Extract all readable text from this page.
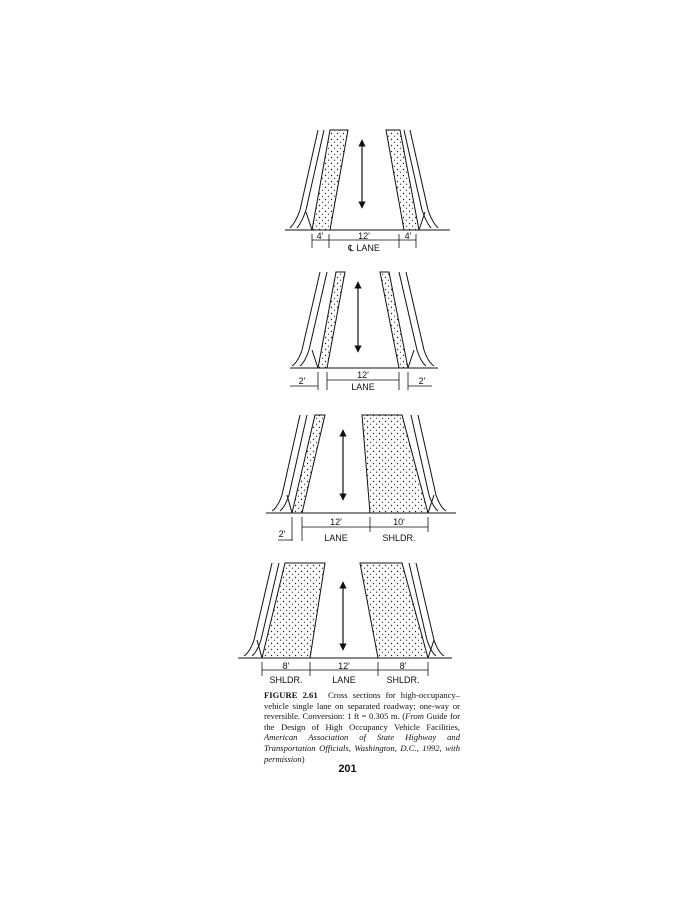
4'	12'	4'
℄ LANE
2'
12'
LANE
2'
2'
12'
LANE
10'
SHLDR.
8'
SHLDR.
12'
LANE
8'
SHLDR.
FIGURE 2.61 Cross sections for high-occupancy–vehicle single lane on separated roadway; one-way or reversible. Conversion: 1 ft = 0.305 m. (From Guide for the Design of High Occupancy Vehicle Facilities, American Association of State Highway and Transportation Officials, Washington, D.C., 1992, with permission)
201
